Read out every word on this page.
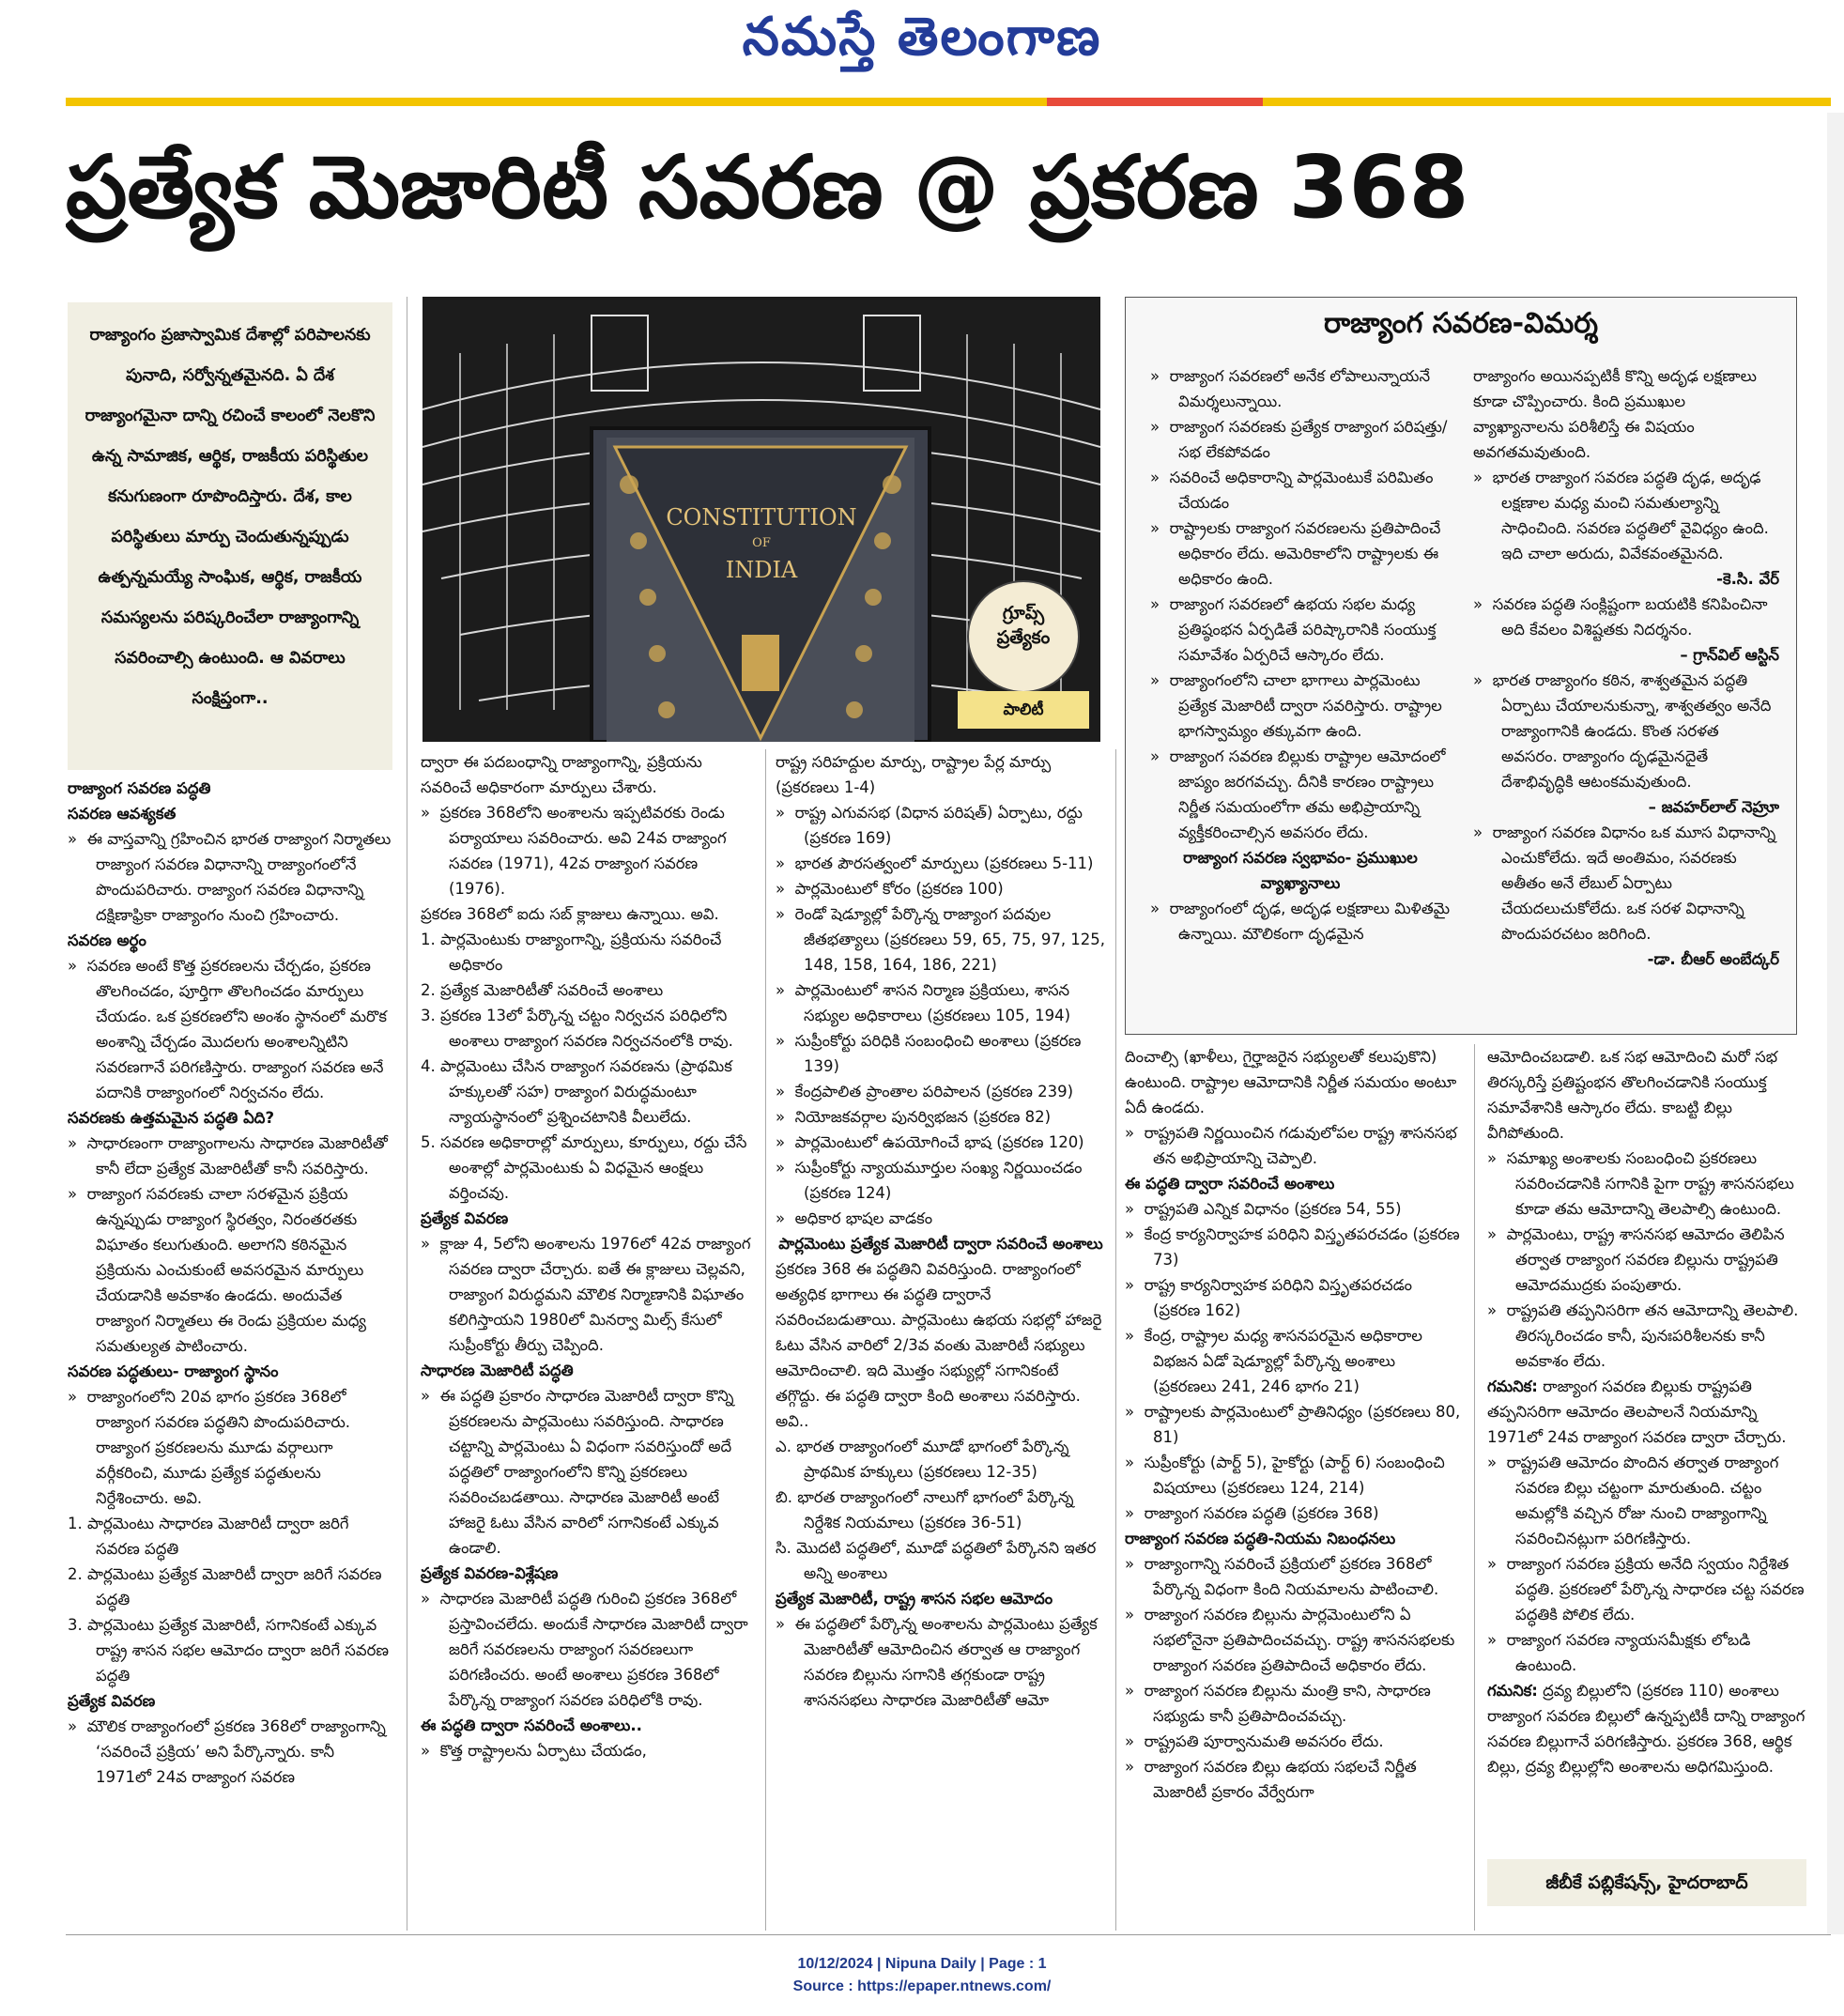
నమస్తే తెలంగాణ
ప్రత్యేక మెజారిటీ సవరణ @ ప్రకరణ 368
రాజ్యాంగం ప్రజాస్వామిక దేశాల్లో పరిపాలనకు పునాది, సర్వోన్నతమైనది. ఏ దేశ రాజ్యాంగమైనా దాన్ని రచించే కాలంలో నెలకొని ఉన్న సామాజిక, ఆర్థిక, రాజకీయ పరిస్థితుల కనుగుణంగా రూపొందిస్తారు. దేశ, కాల పరిస్థితులు మార్పు చెందుతున్నప్పుడు ఉత్పన్నమయ్యే సాంఘిక, ఆర్థిక, రాజకీయ సమస్యలను పరిష్కరించేలా రాజ్యాంగాన్ని సవరించాల్సి ఉంటుంది. ఆ వివరాలు సంక్షిప్తంగా..
CONSTITUTION
OF
INDIA
గ్రూప్స్
ప్రత్యేకం
పాలిటీ
రాజ్యాంగ సవరణ-విమర్శ

»  రాజ్యాంగ సవరణలో అనేక లోపాలున్నాయనే విమర్శలున్నాయి.

»  రాజ్యాంగ సవరణకు ప్రత్యేక రాజ్యాంగ పరిషత్తు/సభ లేకపోవడం

»  సవరించే అధికారాన్ని పార్లమెంటుకే పరిమితం చేయడం

»  రాష్ట్రాలకు రాజ్యాంగ సవరణలను ప్రతిపాదించే అధికారం లేదు. అమెరికాలోని రాష్ట్రాలకు ఈ అధికారం ఉంది.

»  రాజ్యాంగ సవరణలో ఉభయ సభల మధ్య ప్రతిష్ఠంభన ఏర్పడితే పరిష్కారానికి సంయుక్త సమావేశం ఏర్పరిచే ఆస్కారం లేదు.

»  రాజ్యాంగంలోని చాలా భాగాలు పార్లమెంటు ప్రత్యేక మెజారిటీ ద్వారా సవరిస్తారు. రాష్ట్రాల భాగస్వామ్యం తక్కువగా ఉంది.

»  రాజ్యాంగ సవరణ బిల్లుకు రాష్ట్రాల ఆమోదంలో జాప్యం జరగవచ్చు. దీనికి కారణం రాష్ట్రాలు నిర్ణీత సమయంలోగా తమ అభిప్రాయాన్ని వ్యక్తీకరించాల్సిన అవసరం లేదు.

రాజ్యాంగ సవరణ స్వభావం- ప్రముఖుల వ్యాఖ్యానాలు

»  రాజ్యాంగంలో దృఢ, అదృఢ లక్షణాలు మిళితమై ఉన్నాయి. మౌలికంగా దృఢమైన

రాజ్యాంగం అయినప్పటికీ కొన్ని అదృఢ లక్షణాలు కూడా చొప్పించారు. కింది ప్రముఖుల వ్యాఖ్యానాలను పరిశీలిస్తే ఈ విషయం అవగతమవుతుంది.

»  భారత రాజ్యాంగ సవరణ పద్ధతి దృఢ, అదృఢ లక్షణాల మధ్య మంచి సమతుల్యాన్ని సాధించింది. సవరణ పద్ధతిలో వైవిధ్యం ఉంది. ఇది చాలా అరుదు, వివేకవంతమైనది.

-కె.సి. వేర్

»  సవరణ పద్ధతి సంక్లిష్టంగా బయటికి కనిపించినా అది కేవలం విశిష్టతకు నిదర్శనం.

– గ్రాన్‌విల్ ఆస్టిన్

»  భారత రాజ్యాంగం కఠిన, శాశ్వతమైన పద్ధతి ఏర్పాటు చేయాలనుకున్నా, శాశ్వతత్వం అనేది రాజ్యాంగానికి ఉండదు. కొంత సరళత అవసరం. రాజ్యాంగం దృఢమైనదైతే దేశాభివృద్ధికి ఆటంకమవుతుంది.

– జవహర్‌లాల్ నెహ్రూ

»  రాజ్యాంగ సవరణ విధానం ఒక మూస విధానాన్ని ఎంచుకోలేదు. ఇదే అంతిమం, సవరణకు అతీతం అనే లేబుల్ ఏర్పాటు చేయదలుచుకోలేదు. ఒక సరళ విధానాన్ని పొందుపరచటం జరిగింది.

-డా. బీఆర్ అంబేద్కర్

రాజ్యాంగ సవరణ పద్ధతి

సవరణ ఆవశ్యకత

»  ఈ వాస్తవాన్ని గ్రహించిన భారత రాజ్యాంగ నిర్మాతలు రాజ్యాంగ సవరణ విధానాన్ని రాజ్యాంగంలోనే పొందుపరిచారు. రాజ్యాంగ సవరణ విధానాన్ని దక్షిణాఫ్రికా రాజ్యాంగం నుంచి గ్రహించారు.

సవరణ అర్థం

»  సవరణ అంటే కొత్త ప్రకరణలను చేర్చడం, ప్రకరణ తొలగించడం, పూర్తిగా తొలగించడం మార్పులు చేయడం. ఒక ప్రకరణలోని అంశం స్థానంలో మరొక అంశాన్ని చేర్చడం మొదలగు అంశాలన్నిటిని సవరణగానే పరిగణిస్తారు. రాజ్యాంగ సవరణ అనే పదానికి రాజ్యాంగంలో నిర్వచనం లేదు.

సవరణకు ఉత్తమమైన పద్ధతి ఏది?

»  సాధారణంగా రాజ్యాంగాలను సాధారణ మెజారిటీతో కానీ లేదా ప్రత్యేక మెజారిటీతో కానీ సవరిస్తారు.

»  రాజ్యాంగ సవరణకు చాలా సరళమైన ప్రక్రియ ఉన్నప్పుడు రాజ్యాంగ స్థిరత్వం, నిరంతరతకు విఘాతం కలుగుతుంది. అలాగని కఠినమైన ప్రక్రియను ఎంచుకుంటే అవసరమైన మార్పులు చేయడానికి అవకాశం ఉండదు. అందువేత రాజ్యాంగ నిర్మాతలు ఈ రెండు ప్రక్రియల మధ్య సమతుల్యత పాటించారు.

సవరణ పద్ధతులు- రాజ్యాంగ స్థానం

»  రాజ్యాంగంలోని 20వ భాగం ప్రకరణ 368లో రాజ్యాంగ సవరణ పద్ధతిని పొందుపరిచారు. రాజ్యాంగ ప్రకరణలను మూడు వర్గాలుగా వర్గీకరించి, మూడు ప్రత్యేక పద్ధతులను నిర్దేశించారు. అవి.

1. పార్లమెంటు సాధారణ మెజారిటీ ద్వారా జరిగే సవరణ పద్ధతి

2. పార్లమెంటు ప్రత్యేక మెజారిటీ ద్వారా జరిగే సవరణ పద్ధతి

3. పార్లమెంటు ప్రత్యేక మెజారిటీ, సగానికంటే ఎక్కువ రాష్ట్ర శాసన సభల ఆమోదం ద్వారా జరిగే సవరణ పద్ధతి

ప్రత్యేక వివరణ

»  మౌలిక రాజ్యాంగంలో ప్రకరణ 368లో రాజ్యాంగాన్ని ‘సవరించే ప్రక్రియ’ అని పేర్కొన్నారు. కానీ 1971లో 24వ రాజ్యాంగ సవరణ

ద్వారా ఈ పదబంధాన్ని రాజ్యాంగాన్ని, ప్రక్రియను సవరించే అధికారంగా మార్పులు చేశారు.

»  ప్రకరణ 368లోని అంశాలను ఇప్పటివరకు రెండు పర్యాయాలు సవరించారు. అవి 24వ రాజ్యాంగ సవరణ (1971), 42వ రాజ్యాంగ సవరణ (1976).

ప్రకరణ 368లో ఐదు సబ్ క్లాజులు ఉన్నాయి. అవి.

1. పార్లమెంటుకు రాజ్యాంగాన్ని, ప్రక్రియను సవరించే అధికారం

2. ప్రత్యేక మెజారిటీతో సవరించే అంశాలు

3. ప్రకరణ 13లో పేర్కొన్న చట్టం నిర్వచన పరిధిలోని అంశాలు రాజ్యాంగ సవరణ నిర్వచనంలోకి రావు.

4. పార్లమెంటు చేసిన రాజ్యాంగ సవరణను (ప్రాథమిక హక్కులతో సహ) రాజ్యాంగ విరుద్ధమంటూ న్యాయస్థానంలో ప్రశ్నించటానికి వీలులేదు.

5. సవరణ అధికారాల్లో మార్పులు, కూర్పులు, రద్దు చేసే అంశాల్లో పార్లమెంటుకు ఏ విధమైన ఆంక్షలు వర్తించవు.

ప్రత్యేక వివరణ

»  క్లాజు 4, 5లోని అంశాలను 1976లో 42వ రాజ్యాంగ సవరణ ద్వారా చేర్చారు. ఐతే ఈ క్లాజులు చెల్లవని, రాజ్యాంగ విరుద్ధమని మౌలిక నిర్మాణానికి విఘాతం కలిగిస్తాయని 1980లో మినర్వా మిల్స్ కేసులో సుప్రీంకోర్టు తీర్పు చెప్పింది.

సాధారణ మెజారిటీ పద్ధతి

»  ఈ పద్ధతి ప్రకారం సాధారణ మెజారిటీ ద్వారా కొన్ని ప్రకరణలను పార్లమెంటు సవరిస్తుంది. సాధారణ చట్టాన్ని పార్లమెంటు ఏ విధంగా సవరిస్తుందో అదే పద్ధతిలో రాజ్యాంగంలోని కొన్ని ప్రకరణలు సవరించబడతాయి. సాధారణ మెజారిటీ అంటే హాజరై ఓటు వేసిన వారిలో సగానికంటే ఎక్కువ ఉండాలి.

ప్రత్యేక వివరణ-విశ్లేషణ

»  సాధారణ మెజారిటీ పద్ధతి గురించి ప్రకరణ 368లో ప్రస్తావించలేదు. అందుకే సాధారణ మెజారిటీ ద్వారా జరిగే సవరణలను రాజ్యాంగ సవరణలుగా పరిగణించరు. అంటే అంశాలు ప్రకరణ 368లో పేర్కొన్న రాజ్యాంగ సవరణ పరిధిలోకి రావు.

ఈ పద్ధతి ద్వారా సవరించే అంశాలు..

»  కొత్త రాష్ట్రాలను ఏర్పాటు చేయడం,

రాష్ట్ర సరిహద్దుల మార్పు, రాష్ట్రాల పేర్ల మార్పు (ప్రకరణలు 1-4)

»  రాష్ట్ర ఎగువసభ (విధాన పరిషత్) ఏర్పాటు, రద్దు (ప్రకరణ 169)

»  భారత పౌరసత్వంలో మార్పులు (ప్రకరణలు 5-11)

»  పార్లమెంటులో కోరం (ప్రకరణ 100)

»  రెండో షెడ్యూల్లో పేర్కొన్న రాజ్యాంగ పదవుల జీతభత్యాలు (ప్రకరణలు 59, 65, 75, 97, 125, 148, 158, 164, 186, 221)

»  పార్లమెంటులో శాసన నిర్మాణ ప్రక్రియలు, శాసన సభ్యుల అధికారాలు (ప్రకరణలు 105, 194)

»  సుప్రీంకోర్టు పరిధికి సంబంధించి అంశాలు (ప్రకరణ 139)

»  కేంద్రపాలిత ప్రాంతాల పరిపాలన (ప్రకరణ 239)

»  నియోజకవర్గాల పునర్విభజన (ప్రకరణ 82)

»  పార్లమెంటులో ఉపయోగించే భాష (ప్రకరణ 120)

»  సుప్రీంకోర్టు న్యాయమూర్తుల సంఖ్య నిర్ణయించడం (ప్రకరణ 124)

»  అధికార భాషల వాడకం

పార్లమెంటు ప్రత్యేక మెజారిటీ ద్వారా సవరించే అంశాలు

ప్రకరణ 368 ఈ పద్ధతిని వివరిస్తుంది. రాజ్యాంగంలో అత్యధిక భాగాలు ఈ పద్ధతి ద్వారానే సవరించబడుతాయి. పార్లమెంటు ఉభయ సభల్లో హాజరై ఓటు వేసిన వారిలో 2/3వ వంతు మెజారిటీ సభ్యులు ఆమోదించాలి. ఇది మొత్తం సభ్యుల్లో సగానికంటే తగ్గొద్దు. ఈ పద్ధతి ద్వారా కింది అంశాలు సవరిస్తారు. అవి..

ఎ. భారత రాజ్యాంగంలో మూడో భాగంలో పేర్కొన్న ప్రాథమిక హక్కులు (ప్రకరణలు 12-35)

బి. భారత రాజ్యాంగంలో నాలుగో భాగంలో పేర్కొన్న నిర్దేశిక నియమాలు (ప్రకరణ 36-51)

సి. మొదటి పద్ధతిలో, మూడో పద్ధతిలో పేర్కొనని ఇతర అన్ని అంశాలు

ప్రత్యేక మెజారిటీ, రాష్ట్ర శాసన సభల ఆమోదం

»  ఈ పద్ధతిలో పేర్కొన్న అంశాలను పార్లమెంటు ప్రత్యేక మెజారిటీతో ఆమోదించిన తర్వాత ఆ రాజ్యాంగ సవరణ బిల్లును సగానికి తగ్గకుండా రాష్ట్ర శాసనసభలు సాధారణ మెజారిటీతో ఆమో

దించాల్సి (ఖాళీలు, గైర్హాజరైన సభ్యులతో కలుపుకొని) ఉంటుంది. రాష్ట్రాల ఆమోదానికి నిర్ణీత సమయం అంటూ ఏదీ ఉండదు.

»  రాష్ట్రపతి నిర్ణయించిన గడువులోపల రాష్ట్ర శాసనసభ తన అభిప్రాయాన్ని చెప్పాలి.

ఈ పద్ధతి ద్వారా సవరించే అంశాలు

»  రాష్ట్రపతి ఎన్నిక విధానం (ప్రకరణ 54, 55)

»  కేంద్ర కార్యనిర్వాహక పరిధిని విస్తృతపరచడం (ప్రకరణ 73)

»  రాష్ట్ర కార్యనిర్వాహక పరిధిని విస్తృతపరచడం (ప్రకరణ 162)

»  కేంద్ర, రాష్ట్రాల మధ్య శాసనపరమైన అధికారాల విభజన ఏడో షెడ్యూల్లో పేర్కొన్న అంశాలు (ప్రకరణలు 241, 246 భాగం 21)

»  రాష్ట్రాలకు పార్లమెంటులో ప్రాతినిధ్యం (ప్రకరణలు 80, 81)

»  సుప్రీంకోర్టు (పార్ట్ 5), హైకోర్టు (పార్ట్ 6) సంబంధించి విషయాలు (ప్రకరణలు 124, 214)

»  రాజ్యాంగ సవరణ పద్ధతి (ప్రకరణ 368)

రాజ్యాంగ సవరణ పద్ధతి-నియమ నిబంధనలు

»  రాజ్యాంగాన్ని సవరించే ప్రక్రియలో ప్రకరణ 368లో పేర్కొన్న విధంగా కింది నియమాలను పాటించాలి.

»  రాజ్యాంగ సవరణ బిల్లును పార్లమెంటులోని ఏ సభలోనైనా ప్రతిపాదించవచ్చు. రాష్ట్ర శాసనసభలకు రాజ్యాంగ సవరణ ప్రతిపాదించే అధికారం లేదు.

»  రాజ్యాంగ సవరణ బిల్లును మంత్రి కాని, సాధారణ సభ్యుడు కానీ ప్రతిపాదించవచ్చు.

»  రాష్ట్రపతి పూర్వానుమతి అవసరం లేదు.

»  రాజ్యాంగ సవరణ బిల్లు ఉభయ సభలచే నిర్ణీత మెజారిటీ ప్రకారం వేర్వేరుగా

ఆమోదించబడాలి. ఒక సభ ఆమోదించి మరో సభ తిరస్కరిస్తే ప్రతిష్టంభన తొలగించడానికి సంయుక్త సమావేశానికి ఆస్కారం లేదు. కాబట్టి బిల్లు వీగిపోతుంది.

»  సమాఖ్య అంశాలకు సంబంధించి ప్రకరణలు సవరించడానికి సగానికి పైగా రాష్ట్ర శాసనసభలు కూడా తమ ఆమోదాన్ని తెలపాల్సి ఉంటుంది.

»  పార్లమెంటు, రాష్ట్ర శాసనసభ ఆమోదం తెలిపిన తర్వాత రాజ్యాంగ సవరణ బిల్లును రాష్ట్రపతి ఆమోదముద్రకు పంపుతారు.

»  రాష్ట్రపతి తప్పనిసరిగా తన ఆమోదాన్ని తెలపాలి. తిరస్కరించడం కానీ, పునఃపరిశీలనకు కానీ అవకాశం లేదు.

గమనిక: రాజ్యాంగ సవరణ బిల్లుకు రాష్ట్రపతి తప్పనిసరిగా ఆమోదం తెలపాలనే నియమాన్ని 1971లో 24వ రాజ్యాంగ సవరణ ద్వారా చేర్చారు.

»  రాష్ట్రపతి ఆమోదం పొందిన తర్వాత రాజ్యాంగ సవరణ బిల్లు చట్టంగా మారుతుంది. చట్టం అమల్లోకి వచ్చిన రోజు నుంచి రాజ్యాంగాన్ని సవరించినట్లుగా పరిగణిస్తారు.

»  రాజ్యాంగ సవరణ ప్రక్రియ అనేది స్వయం నిర్దేశిత పద్ధతి. ప్రకరణలో పేర్కొన్న సాధారణ చట్ట సవరణ పద్ధతికి పోలిక లేదు.

»  రాజ్యాంగ సవరణ న్యాయసమీక్షకు లోబడి ఉంటుంది.

గమనిక: ద్రవ్య బిల్లులోని (ప్రకరణ 110) అంశాలు రాజ్యాంగ సవరణ బిల్లులో ఉన్నప్పటికీ దాన్ని రాజ్యాంగ సవరణ బిల్లుగానే పరిగణిస్తారు. ప్రకరణ 368, ఆర్థిక బిల్లు, ద్రవ్య బిల్లుల్లోని అంశాలను అధిగమిస్తుంది.

జీబీకే పబ్లికేషన్స్, హైదరాబాద్
10/12/2024 | Nipuna Daily | Page : 1
Source : https://epaper.ntnews.com/
